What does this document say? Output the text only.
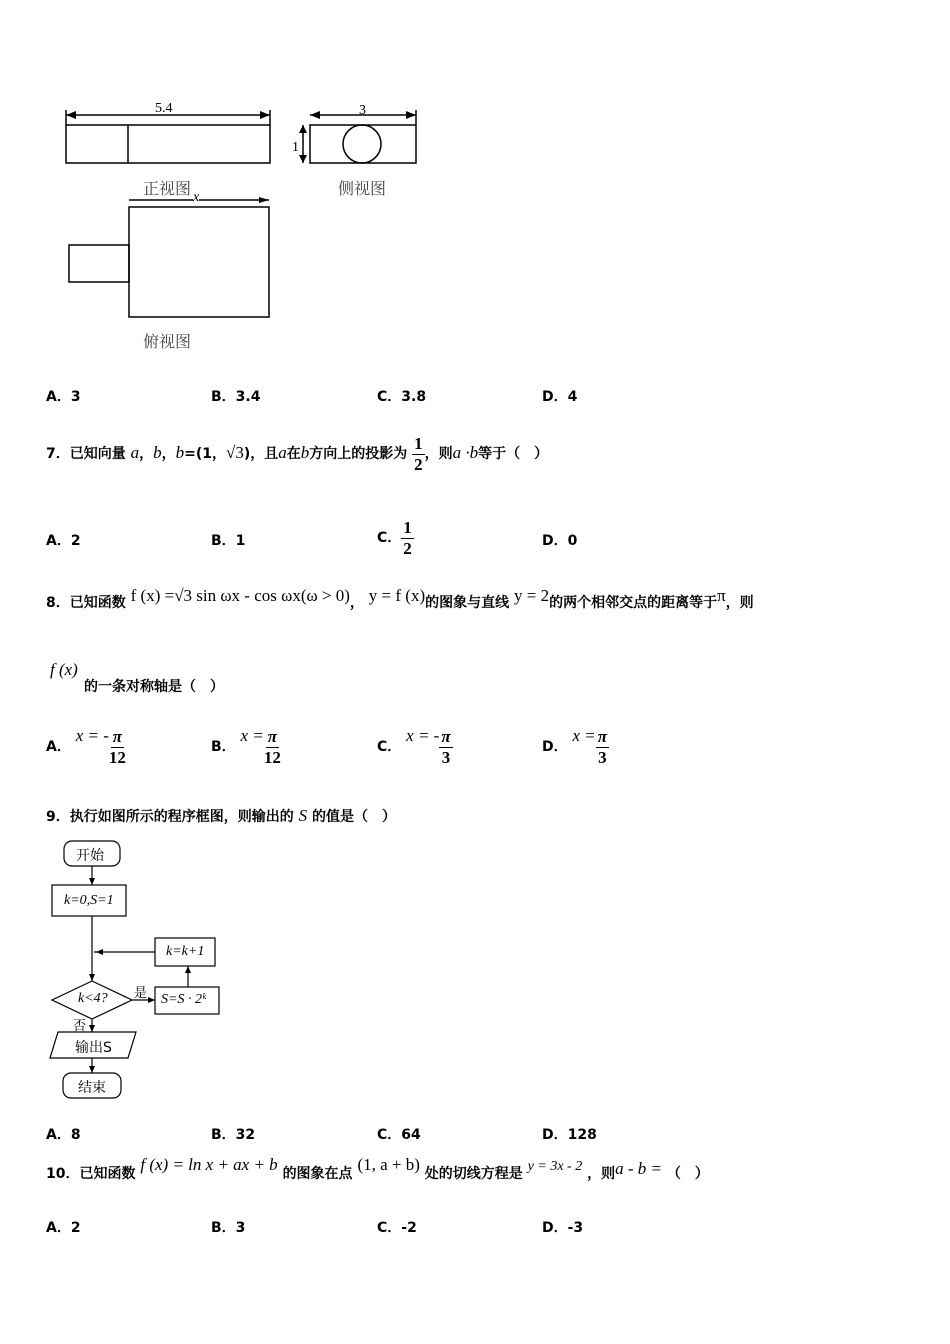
5.4	3
1
x
正视图	侧视图
俯视图
A．3	B．3.4	C．3.8	D．4
7．已知向量 a，b，b=(1，√3)，且a在b方向上的投影为 $\frac{1}{2}$ ，则a ·b等于（　）
A．2	B．1	C． $\frac{1}{2}$	D．0
8．已知函数 f (x) =√3 sin ωx - cos ωx(ω > 0)， y = f (x)的图象与直线 y = 2的两个相邻交点的距离等于π，则
f (x)
的一条对称轴是（　）
A． x = - $\frac{\pi}{12}$	B． $x = \frac{\pi}{12}$	C． x = - $\frac{\pi}{3}$	D． $x = \frac{\pi}{3}$
9．执行如图所示的程序框图，则输出的 S 的值是（　）
开始
k=0,S=1
k=k+1
k<4? 是
否
S=S · 2ᵏ
输出S
结束
A．8	B．32	C．64	D．128
10．已知函数 f (x) = ln x + ax + b 的图象在点 (1, a + b) 处的切线方程是 y = 3x - 2 ，则a - b = （　）
A．2	B．3	C．-2	D．-3
